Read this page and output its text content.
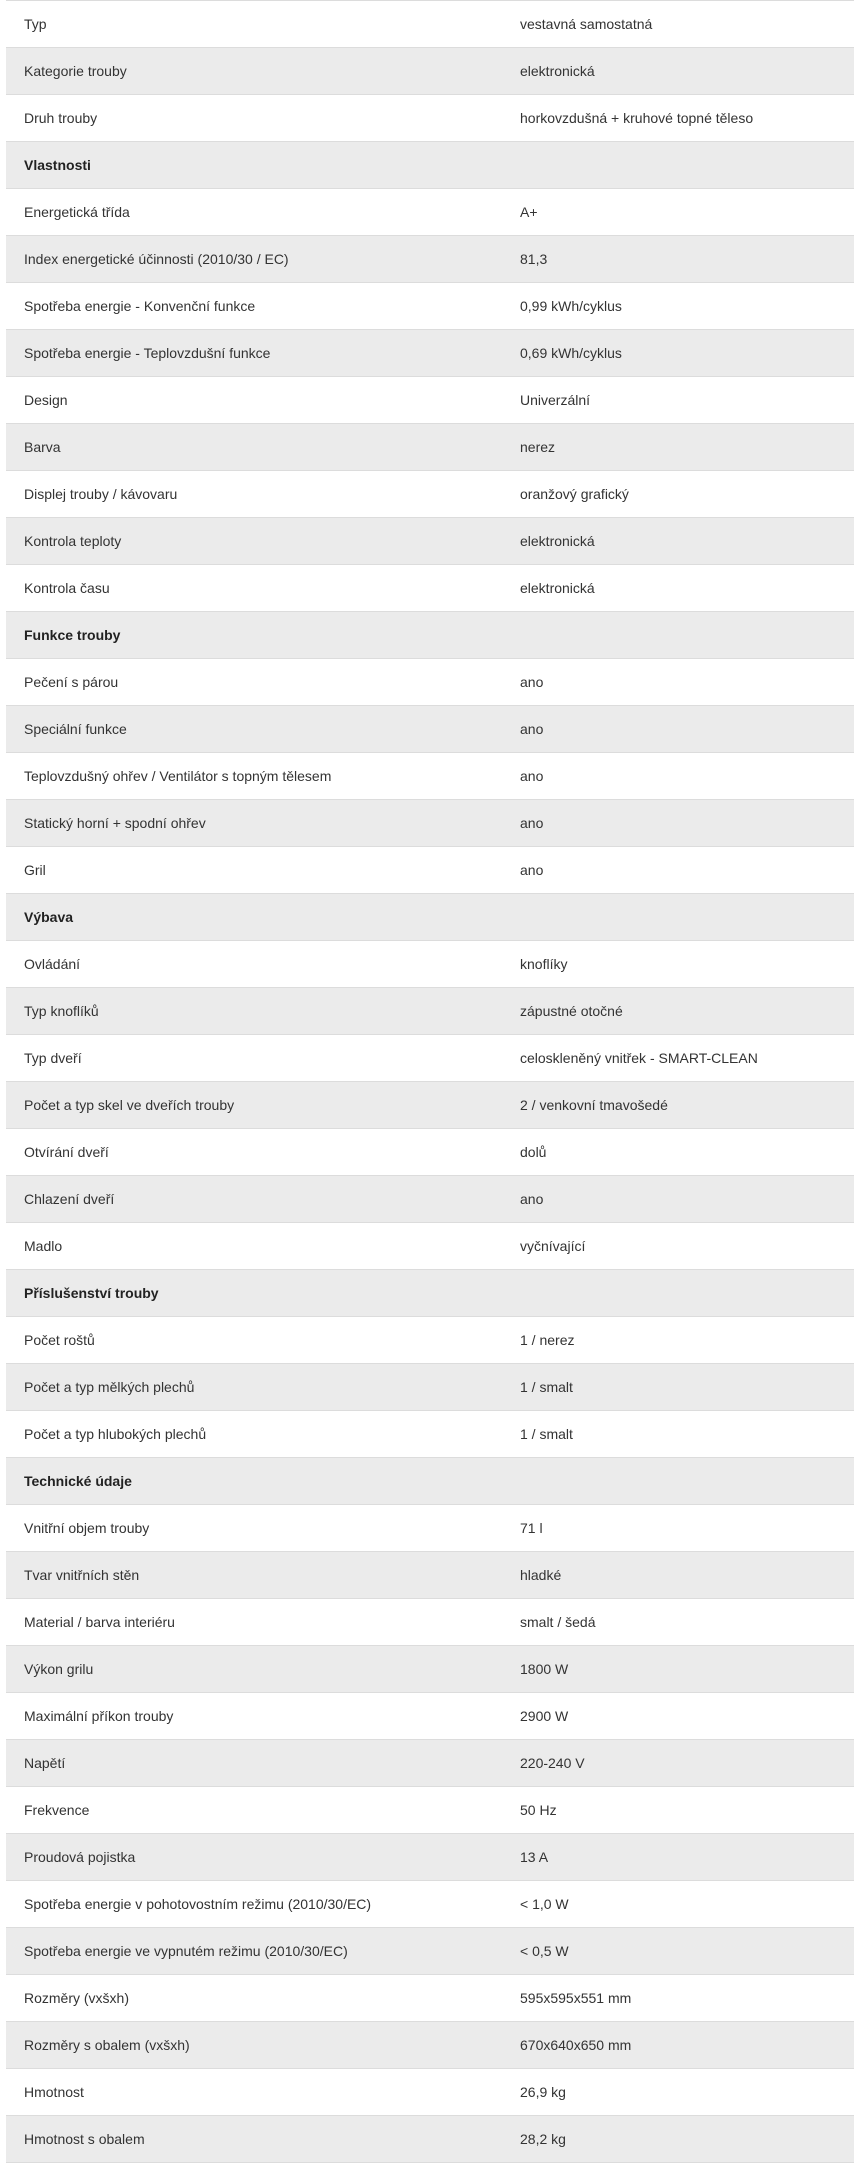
Typ	vestavná samostatná
Kategorie trouby	elektronická
Druh trouby	horkovzdušná + kruhové topné těleso
Vlastnosti	
Energetická třída	A+
Index energetické účinnosti (2010/30 / EC)	81,3
Spotřeba energie - Konvenční funkce	0,99 kWh/cyklus
Spotřeba energie - Teplovzdušní funkce	0,69 kWh/cyklus
Design	Univerzální
Barva	nerez
Displej trouby / kávovaru	oranžový grafický
Kontrola teploty	elektronická
Kontrola času	elektronická
Funkce trouby	
Pečení s párou	ano
Speciální funkce	ano
Teplovzdušný ohřev / Ventilátor s topným tělesem	ano
Statický horní + spodní ohřev	ano
Gril	ano
Výbava	
Ovládání	knoflíky
Typ knoflíků	zápustné otočné
Typ dveří	celoskleněný vnitřek - SMART-CLEAN
Počet a typ skel ve dveřích trouby	2 / venkovní tmavošedé
Otvírání dveří	dolů
Chlazení dveří	ano
Madlo	vyčnívající
Příslušenství trouby	
Počet roštů	1 / nerez
Počet a typ mělkých plechů	1 / smalt
Počet a typ hlubokých plechů	1 / smalt
Technické údaje	
Vnitřní objem trouby	71 l
Tvar vnitřních stěn	hladké
Material / barva interiéru	smalt / šedá
Výkon grilu	1800 W
Maximální příkon trouby	2900 W
Napětí	220-240 V
Frekvence	50 Hz
Proudová pojistka	13 A
Spotřeba energie v pohotovostním režimu (2010/30/EC)	< 1,0 W
Spotřeba energie ve vypnutém režimu (2010/30/EC)	< 0,5 W
Rozměry (vxšxh)	595x595x551 mm
Rozměry s obalem (vxšxh)	670x640x650 mm
Hmotnost	26,9 kg
Hmotnost s obalem	28,2 kg
